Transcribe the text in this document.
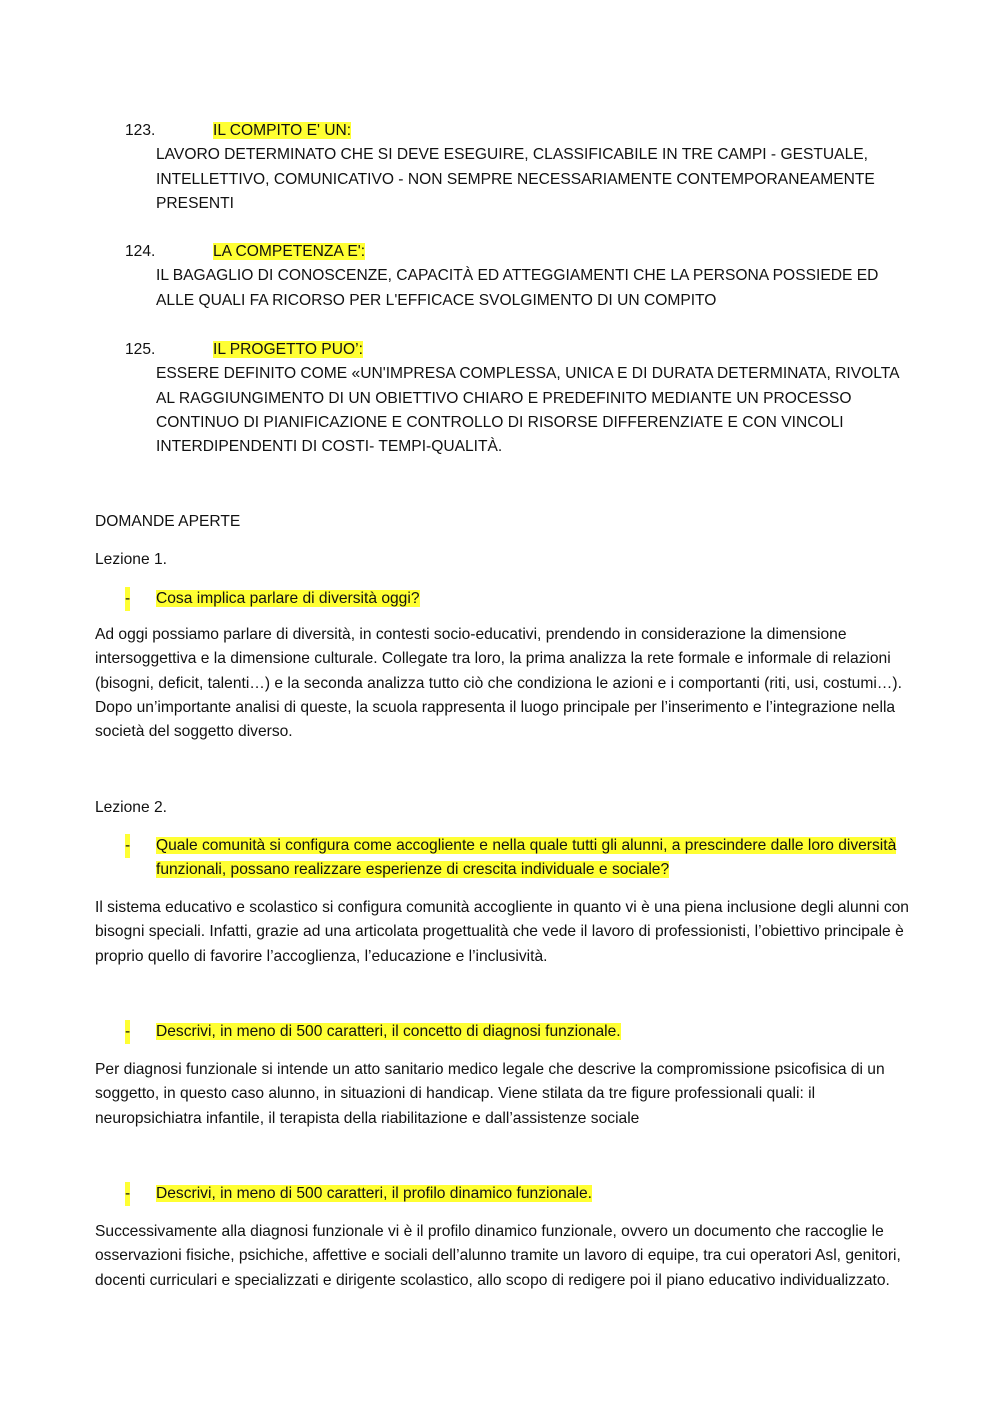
123.	IL COMPITO E' UN:
LAVORO DETERMINATO CHE SI DEVE ESEGUIRE, CLASSIFICABILE IN TRE CAMPI - GESTUALE, INTELLETTIVO, COMUNICATIVO - NON SEMPRE NECESSARIAMENTE CONTEMPORANEAMENTE PRESENTI
124.	LA COMPETENZA E':
IL BAGAGLIO DI CONOSCENZE, CAPACITÀ ED ATTEGGIAMENTI CHE LA PERSONA POSSIEDE ED ALLE QUALI FA RICORSO PER L'EFFICACE SVOLGIMENTO DI UN COMPITO
125.	IL PROGETTO PUO’:
ESSERE DEFINITO COME «UN'IMPRESA COMPLESSA, UNICA E DI DURATA DETERMINATA, RIVOLTA AL RAGGIUNGIMENTO DI UN OBIETTIVO CHIARO E PREDEFINITO MEDIANTE UN PROCESSO CONTINUO DI PIANIFICAZIONE E CONTROLLO DI RISORSE DIFFERENZIATE E CON VINCOLI INTERDIPENDENTI DI COSTI- TEMPI-QUALITÀ.

DOMANDE APERTE

Lezione 1.

- Cosa implica parlare di diversità oggi?

Ad oggi possiamo parlare di diversità, in contesti socio-educativi, prendendo in considerazione la dimensione intersoggettiva e la dimensione culturale. Collegate tra loro, la prima analizza la rete formale e informale di relazioni (bisogni, deficit, talenti…) e la seconda analizza tutto ciò che condiziona le azioni e i comportanti (riti, usi, costumi…). Dopo un’importante analisi di queste, la scuola rappresenta il luogo principale per l’inserimento e l’integrazione nella società del soggetto diverso.

Lezione 2.

- Quale comunità si configura come accogliente e nella quale tutti gli alunni, a prescindere dalle loro diversità funzionali, possano realizzare esperienze di crescita individuale e sociale?

Il sistema educativo e scolastico si configura comunità accogliente in quanto vi è una piena inclusione degli alunni con bisogni speciali. Infatti, grazie ad una articolata progettualità che vede il lavoro di professionisti, l’obiettivo principale è proprio quello di favorire l’accoglienza, l’educazione e l’inclusività.

- Descrivi, in meno di 500 caratteri, il concetto di diagnosi funzionale.

Per diagnosi funzionale si intende un atto sanitario medico legale che descrive la compromissione psicofisica di un soggetto, in questo caso alunno, in situazioni di handicap. Viene stilata da tre figure professionali quali: il neuropsichiatra infantile, il terapista della riabilitazione e dall’assistenze sociale

- Descrivi, in meno di 500 caratteri, il profilo dinamico funzionale.

Successivamente alla diagnosi funzionale vi è il profilo dinamico funzionale, ovvero un documento che raccoglie le osservazioni fisiche, psichiche, affettive e sociali dell’alunno tramite un lavoro di equipe, tra cui operatori Asl, genitori, docenti curriculari e specializzati e dirigente scolastico, allo scopo di redigere poi il piano educativo individualizzato.
